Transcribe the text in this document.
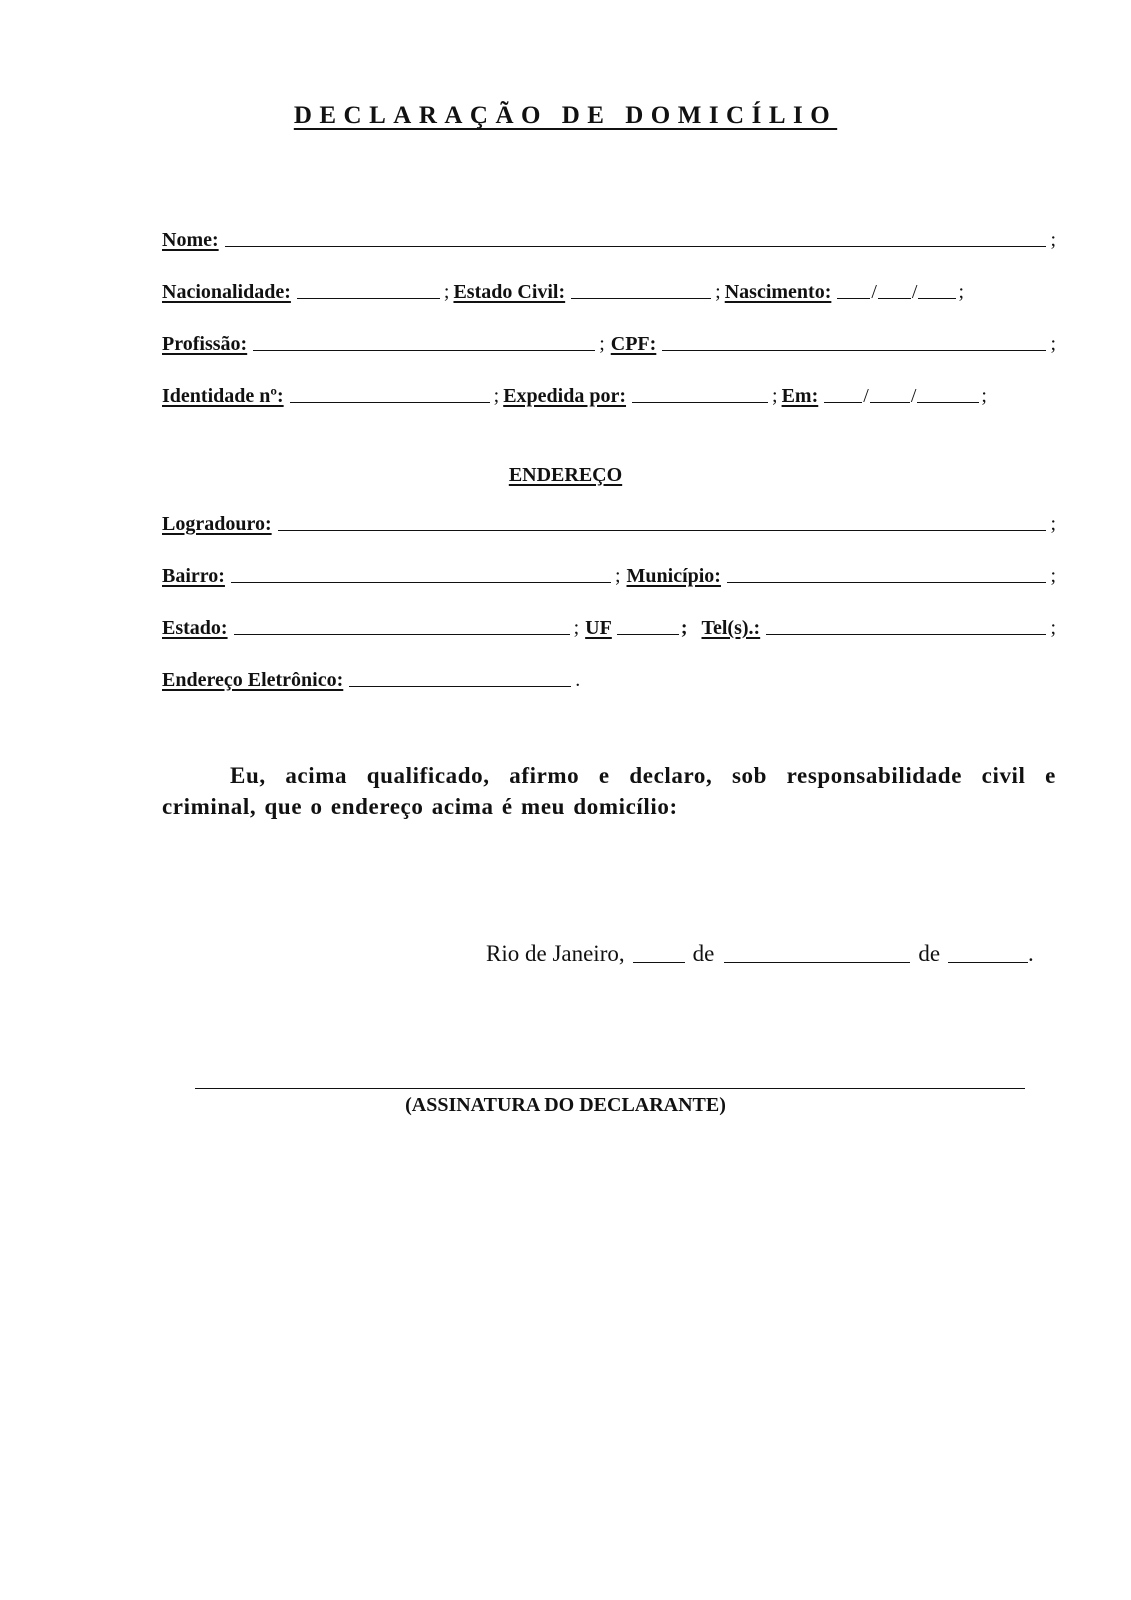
DECLARAÇÃO DE DOMICÍLIO
Nome:	;
Nacionalidade:	; Estado Civil:	; Nascimento: / / ;
Profissão:	; CPF:	;
Identidade nº:	; Expedida por:	; Em: / /	;
ENDEREÇO
Logradouro:	;
Bairro:	; Município:	;
Estado:	; UF	; Tel(s).:	;
Endereço Eletrônico:	.
Eu, acima qualificado, afirmo e declaro, sob responsabilidade civil e criminal, que o endereço acima é meu domicílio:
Rio de Janeiro,	de	de	.
(ASSINATURA DO DECLARANTE)
